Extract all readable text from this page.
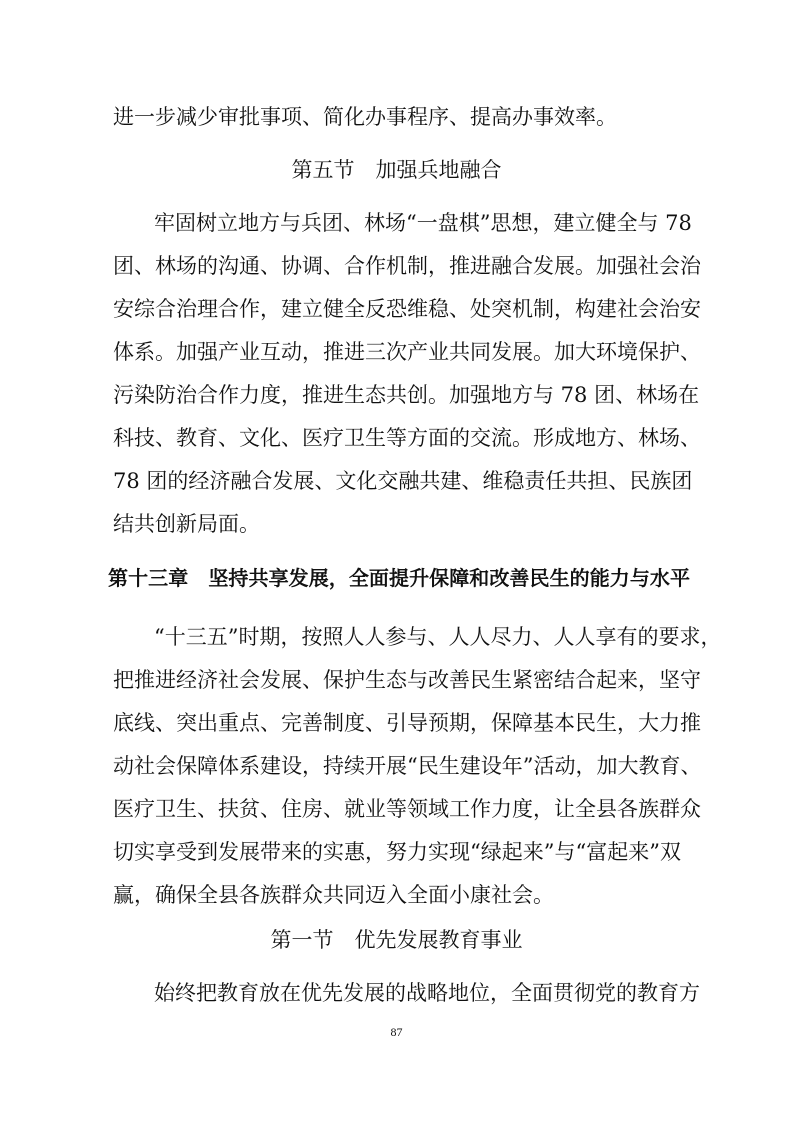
进一步减少审批事项、简化办事程序、提高办事效率。
第五节　加强兵地融合
牢固树立地方与兵团、林场“一盘棋”思想，建立健全与 78
团、林场的沟通、协调、合作机制，推进融合发展。加强社会治
安综合治理合作，建立健全反恐维稳、处突机制，构建社会治安
体系。加强产业互动，推进三次产业共同发展。加大环境保护、
污染防治合作力度，推进生态共创。加强地方与 78 团、林场在
科技、教育、文化、医疗卫生等方面的交流。形成地方、林场、
78 团的经济融合发展、文化交融共建、维稳责任共担、民族团
结共创新局面。
第十三章　坚持共享发展，全面提升保障和改善民生的能力与水平
“十三五”时期，按照人人参与、人人尽力、人人享有的要求，
把推进经济社会发展、保护生态与改善民生紧密结合起来，坚守
底线、突出重点、完善制度、引导预期，保障基本民生，大力推
动社会保障体系建设，持续开展“民生建设年”活动，加大教育、
医疗卫生、扶贫、住房、就业等领域工作力度，让全县各族群众
切实享受到发展带来的实惠，努力实现“绿起来”与“富起来”双
赢，确保全县各族群众共同迈入全面小康社会。
第一节　优先发展教育事业
始终把教育放在优先发展的战略地位，全面贯彻党的教育方
87
